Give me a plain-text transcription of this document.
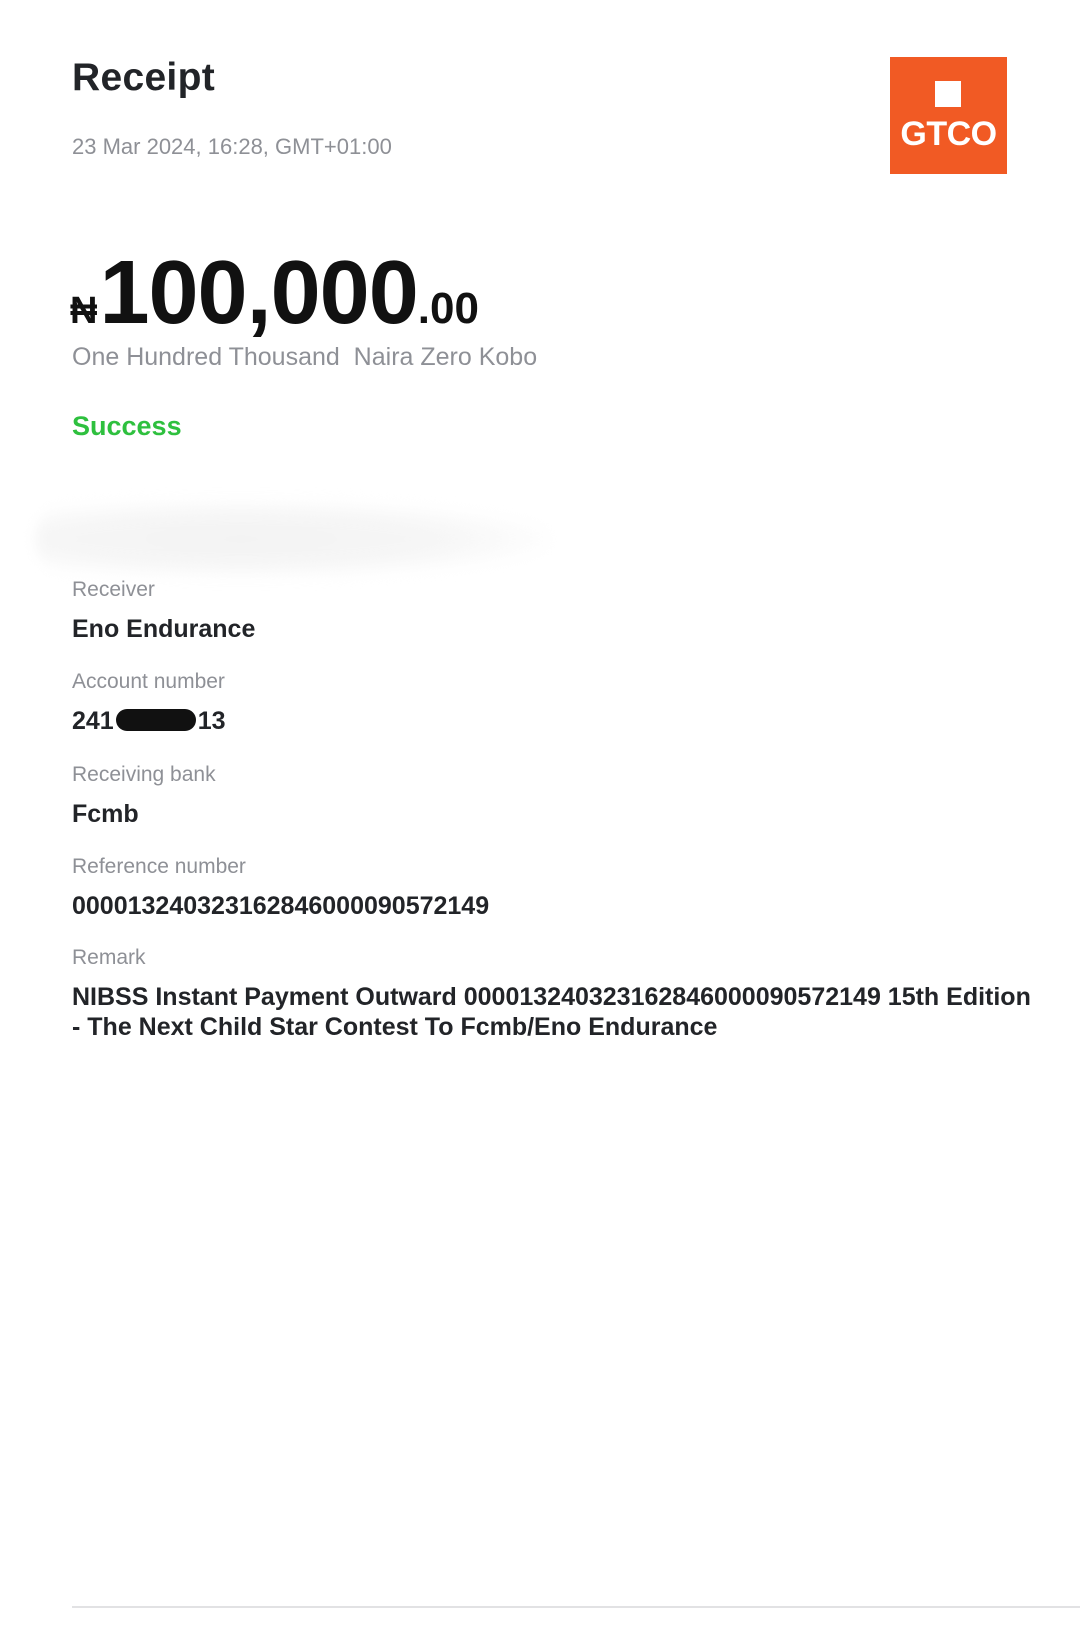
Receipt
23 Mar 2024, 16:28, GMT+01:00	GTCO
₦100,000.00
One Hundred Thousand  Naira Zero Kobo
Success
Receiver
Eno Endurance
Account number
241	13
Receiving bank
Fcmb
Reference number
000013240323162846000090572149
Remark
NIBSS Instant Payment Outward 000013240323162846000090572149 15th Edition - The Next Child Star Contest To Fcmb/Eno Endurance
